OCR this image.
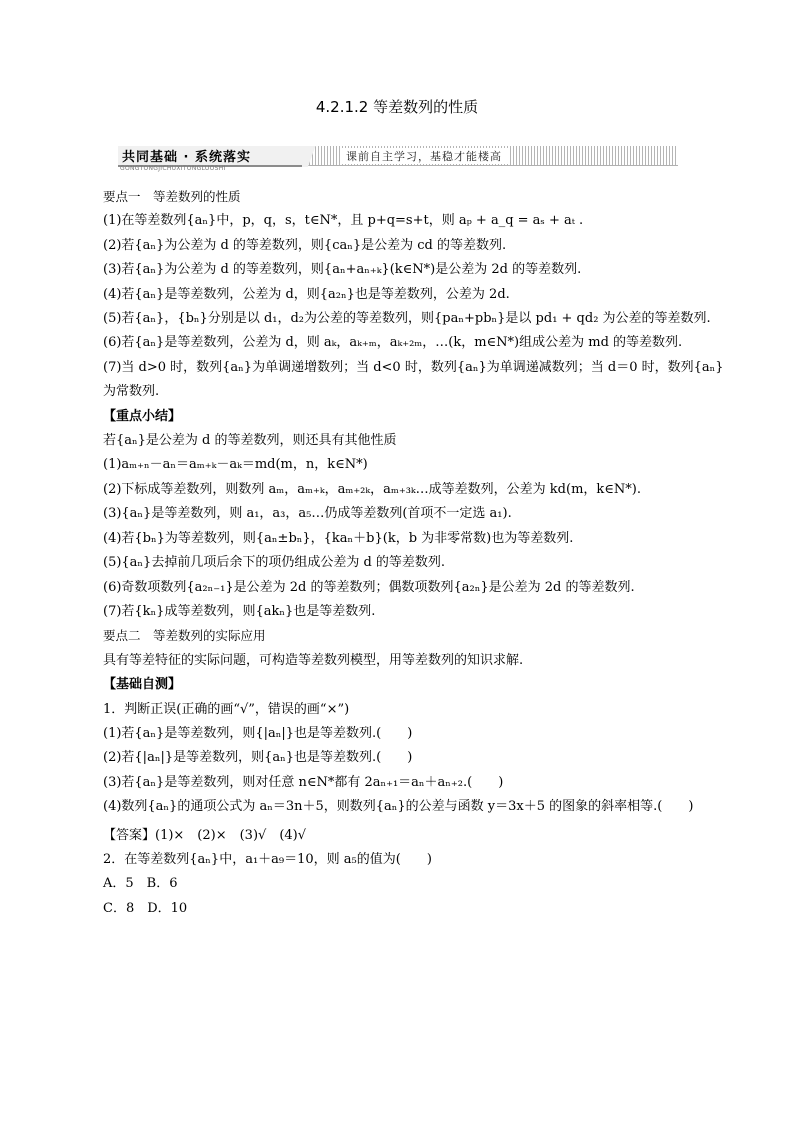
4.2.1.2 等差数列的性质
共同基础 · 系统落实
GONGTONGJICHUXITONGLUOSHI
课前自主学习，基稳才能楼高
要点一　等差数列的性质
(1)在等差数列{aₙ}中，p，q，s，t∈N*，且 p+q=s+t，则 aₚ + a_q = aₛ + aₜ .
(2)若{aₙ}为公差为 d 的等差数列，则{caₙ}是公差为 cd 的等差数列.
(3)若{aₙ}为公差为 d 的等差数列，则{aₙ+aₙ₊ₖ}(k∈N*)是公差为 2d 的等差数列.
(4)若{aₙ}是等差数列，公差为 d，则{a₂ₙ}也是等差数列，公差为 2d.
(5)若{aₙ}，{bₙ}分别是以 d₁，d₂为公差的等差数列，则{paₙ+pbₙ}是以 pd₁ + qd₂ 为公差的等差数列.
(6)若{aₙ}是等差数列，公差为 d，则 aₖ，aₖ₊ₘ，aₖ₊₂ₘ，…(k，m∈N*)组成公差为 md 的等差数列.
(7)当 d>0 时，数列{aₙ}为单调递增数列；当 d<0 时，数列{aₙ}为单调递减数列；当 d＝0 时，数列{aₙ}为常数列.
【重点小结】
若{aₙ}是公差为 d 的等差数列，则还具有其他性质
(1)aₘ₊ₙ－aₙ＝aₘ₊ₖ－aₖ＝md(m，n，k∈N*)
(2)下标成等差数列，则数列 aₘ，aₘ₊ₖ，aₘ₊₂ₖ，aₘ₊₃ₖ…成等差数列，公差为 kd(m，k∈N*).
(3){aₙ}是等差数列，则 a₁，a₃，a₅…仍成等差数列(首项不一定选 a₁).
(4)若{bₙ}为等差数列，则{aₙ±bₙ}，{kaₙ＋b}(k，b 为非零常数)也为等差数列.
(5){aₙ}去掉前几项后余下的项仍组成公差为 d 的等差数列.
(6)奇数项数列{a₂ₙ₋₁}是公差为 2d 的等差数列；偶数项数列{a₂ₙ}是公差为 2d 的等差数列.
(7)若{kₙ}成等差数列，则{akₙ}也是等差数列.
要点二　等差数列的实际应用
具有等差特征的实际问题，可构造等差数列模型，用等差数列的知识求解.
【基础自测】
1．判断正误(正确的画“√”，错误的画“×”)
(1)若{aₙ}是等差数列，则{|aₙ|}也是等差数列.(　　)
(2)若{|aₙ|}是等差数列，则{aₙ}也是等差数列.(　　)
(3)若{aₙ}是等差数列，则对任意 n∈N*都有 2aₙ₊₁＝aₙ＋aₙ₊₂.(　　)
(4)数列{aₙ}的通项公式为 aₙ＝3n＋5，则数列{aₙ}的公差与函数 y＝3x＋5 的图象的斜率相等.(　　)
【答案】(1)×　(2)×　(3)√　(4)√
2．在等差数列{aₙ}中，a₁＋a₉＝10，则 a₅的值为(　　)
A．5　B．6
C．8　D．10
